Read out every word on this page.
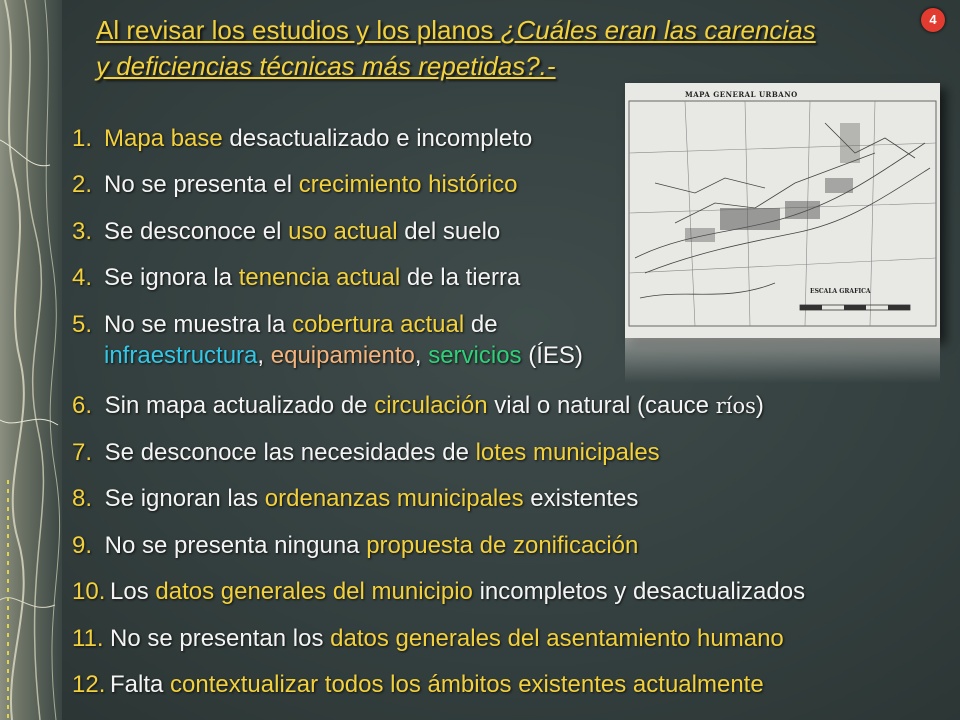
4
Al revisar los estudios y los planos ¿Cuáles eran las carencias
y deficiencias técnicas más repetidas?.-
MAPA GENERAL URBANO
ESCALA GRAFICA
1. Mapa base desactualizado e incompleto
2. No se presenta el crecimiento histórico
3. Se desconoce el uso actual del suelo
4. Se ignora la tenencia actual de la tierra
5. No se muestra la cobertura actual de
infraestructura, equipamiento, servicios (ÍES)
6. Sin mapa actualizado de circulación vial o natural (cauce ríos)
7. Se desconoce las necesidades de lotes municipales
8. Se ignoran las ordenanzas municipales existentes
9. No se presenta ninguna propuesta de zonificación
10. Los datos generales del municipio incompletos y desactualizados
11. No se presentan los datos generales del asentamiento humano
12. Falta contextualizar todos los ámbitos existentes actualmente
